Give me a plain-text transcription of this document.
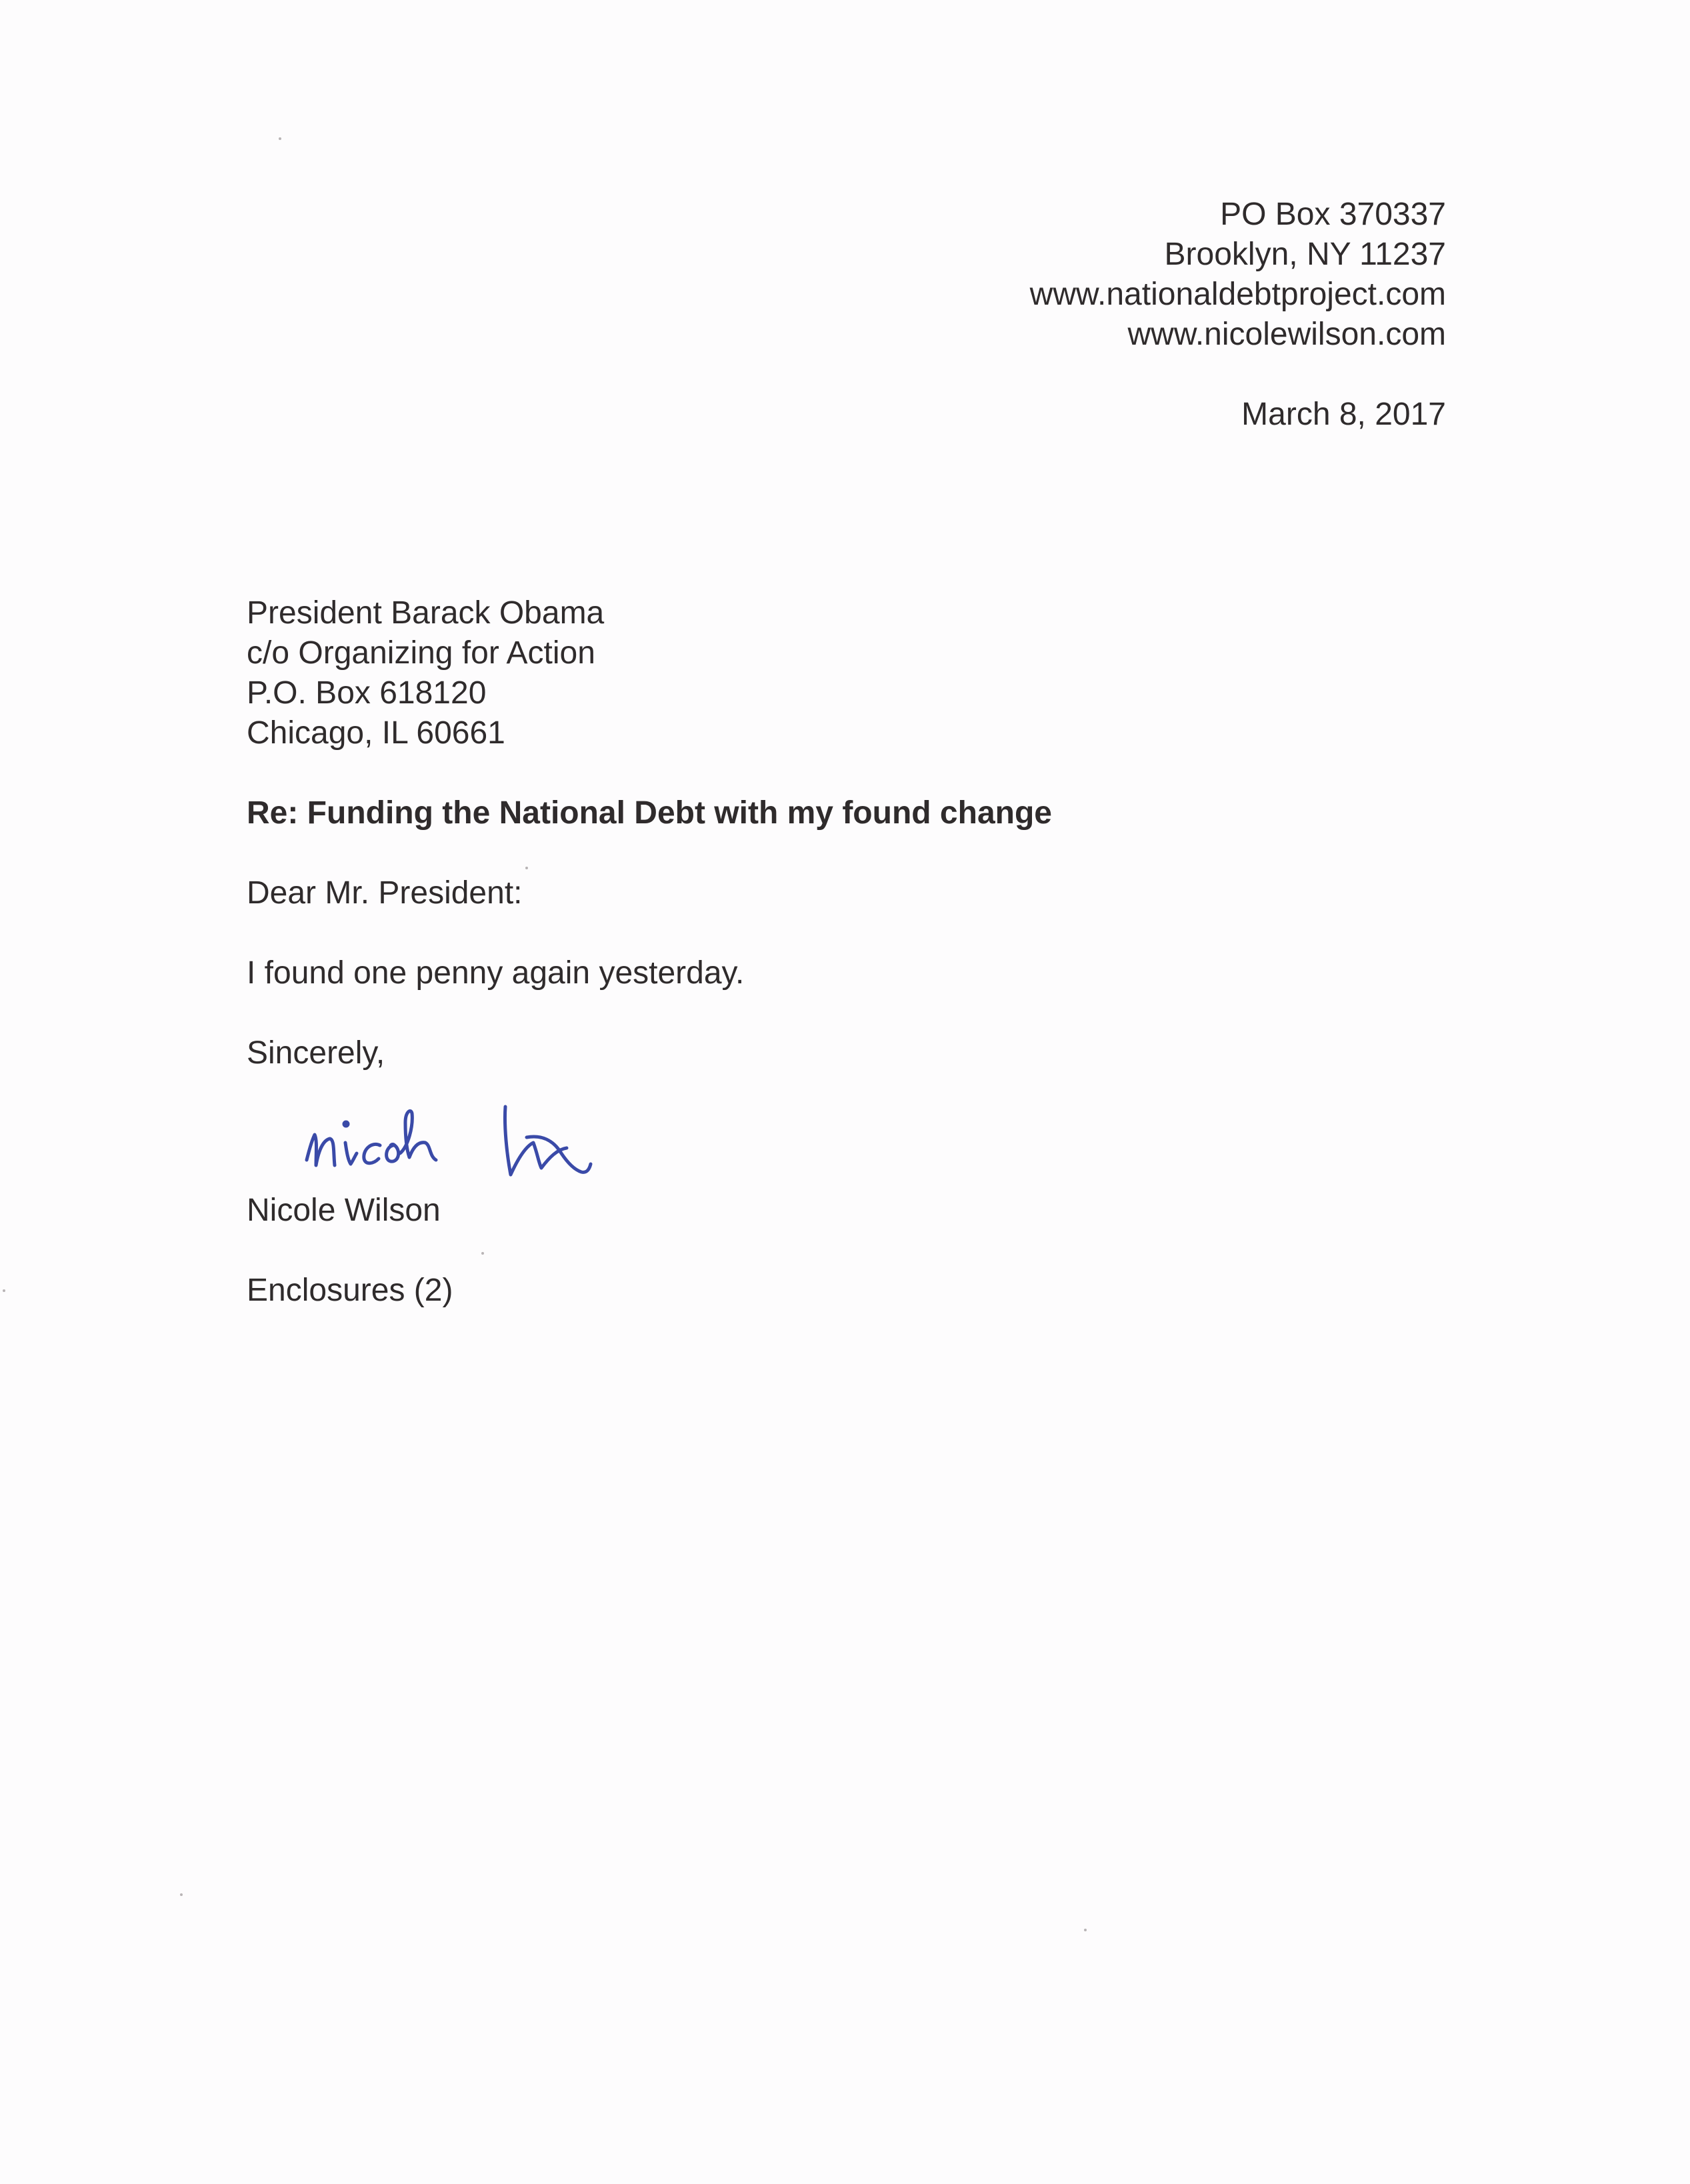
PO Box 370337
Brooklyn, NY 11237
www.nationaldebtproject.com
www.nicolewilson.com
March 8, 2017
President Barack Obama
c/o Organizing for Action
P.O. Box 618120
Chicago, IL 60661
Re: Funding the National Debt with my found change
Dear Mr. President:
I found one penny again yesterday.
Sincerely,
Nicole Wilson
Enclosures (2)
